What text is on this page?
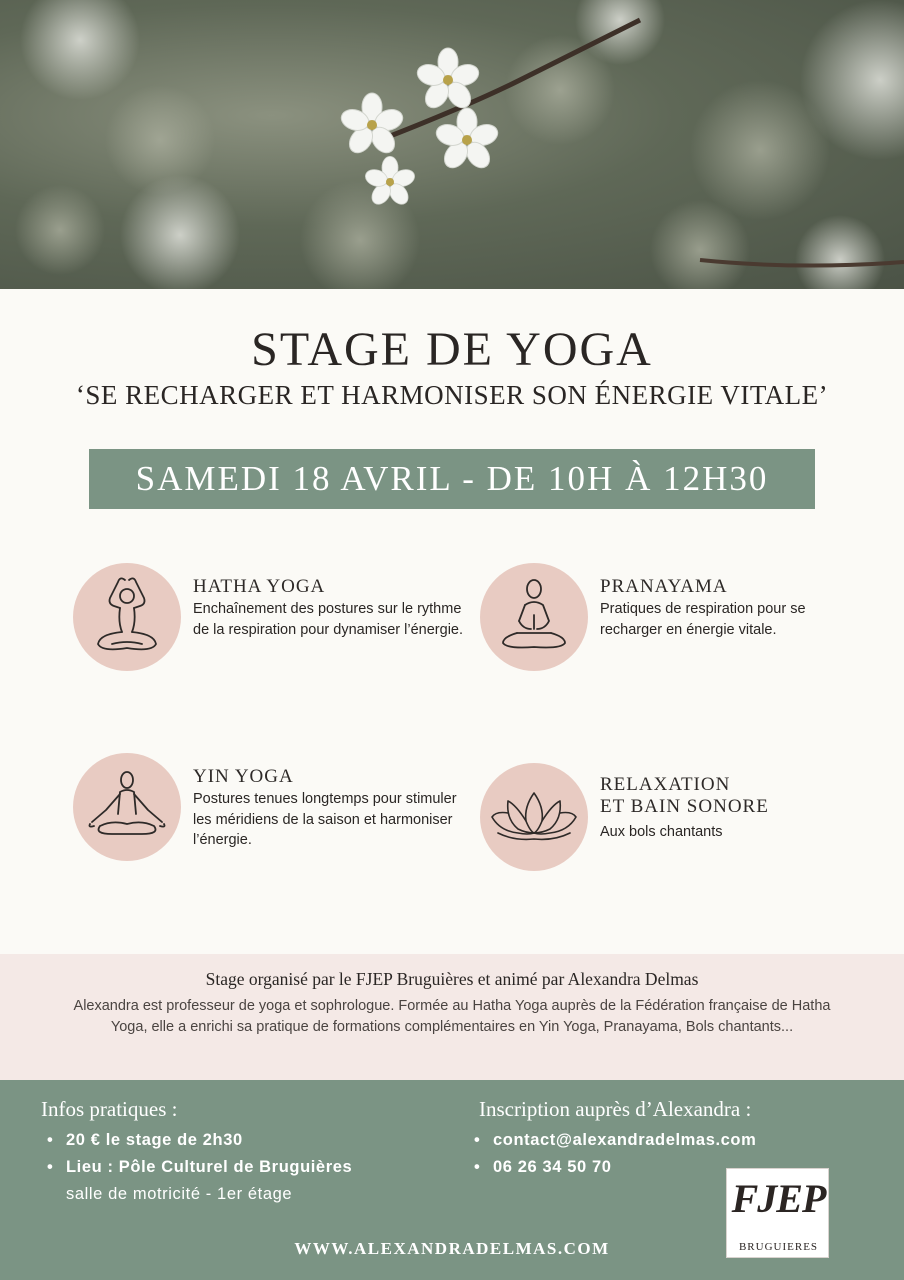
STAGE DE YOGA
‘SE RECHARGER ET HARMONISER SON ÉNERGIE VITALE’
SAMEDI 18 AVRIL - DE 10H À 12H30
HATHA YOGA
Enchaînement des postures sur le rythme de la respiration pour dynamiser l’énergie.
PRANAYAMA
Pratiques de respiration pour se recharger en énergie vitale.
YIN YOGA
Postures tenues longtemps pour stimuler les méridiens de la saison et harmoniser l’énergie.
RELAXATION
ET BAIN SONORE
Aux bols chantants
Stage organisé par le FJEP Bruguières et animé par Alexandra Delmas
Alexandra est professeur de yoga et sophrologue. Formée au Hatha Yoga auprès de la Fédération française de Hatha Yoga, elle a enrichi sa pratique de formations complémentaires en Yin Yoga, Pranayama, Bols chantants...
Infos pratiques :
• 20 € le stage de 2h30
• Lieu : Pôle Culturel de Bruguières
salle de motricité - 1er étage
Inscription auprès d’Alexandra :
• contact@alexandradelmas.com
• 06 26 34 50 70
WWW.ALEXANDRADELMAS.COM
FJEP
BRUGUIERES
